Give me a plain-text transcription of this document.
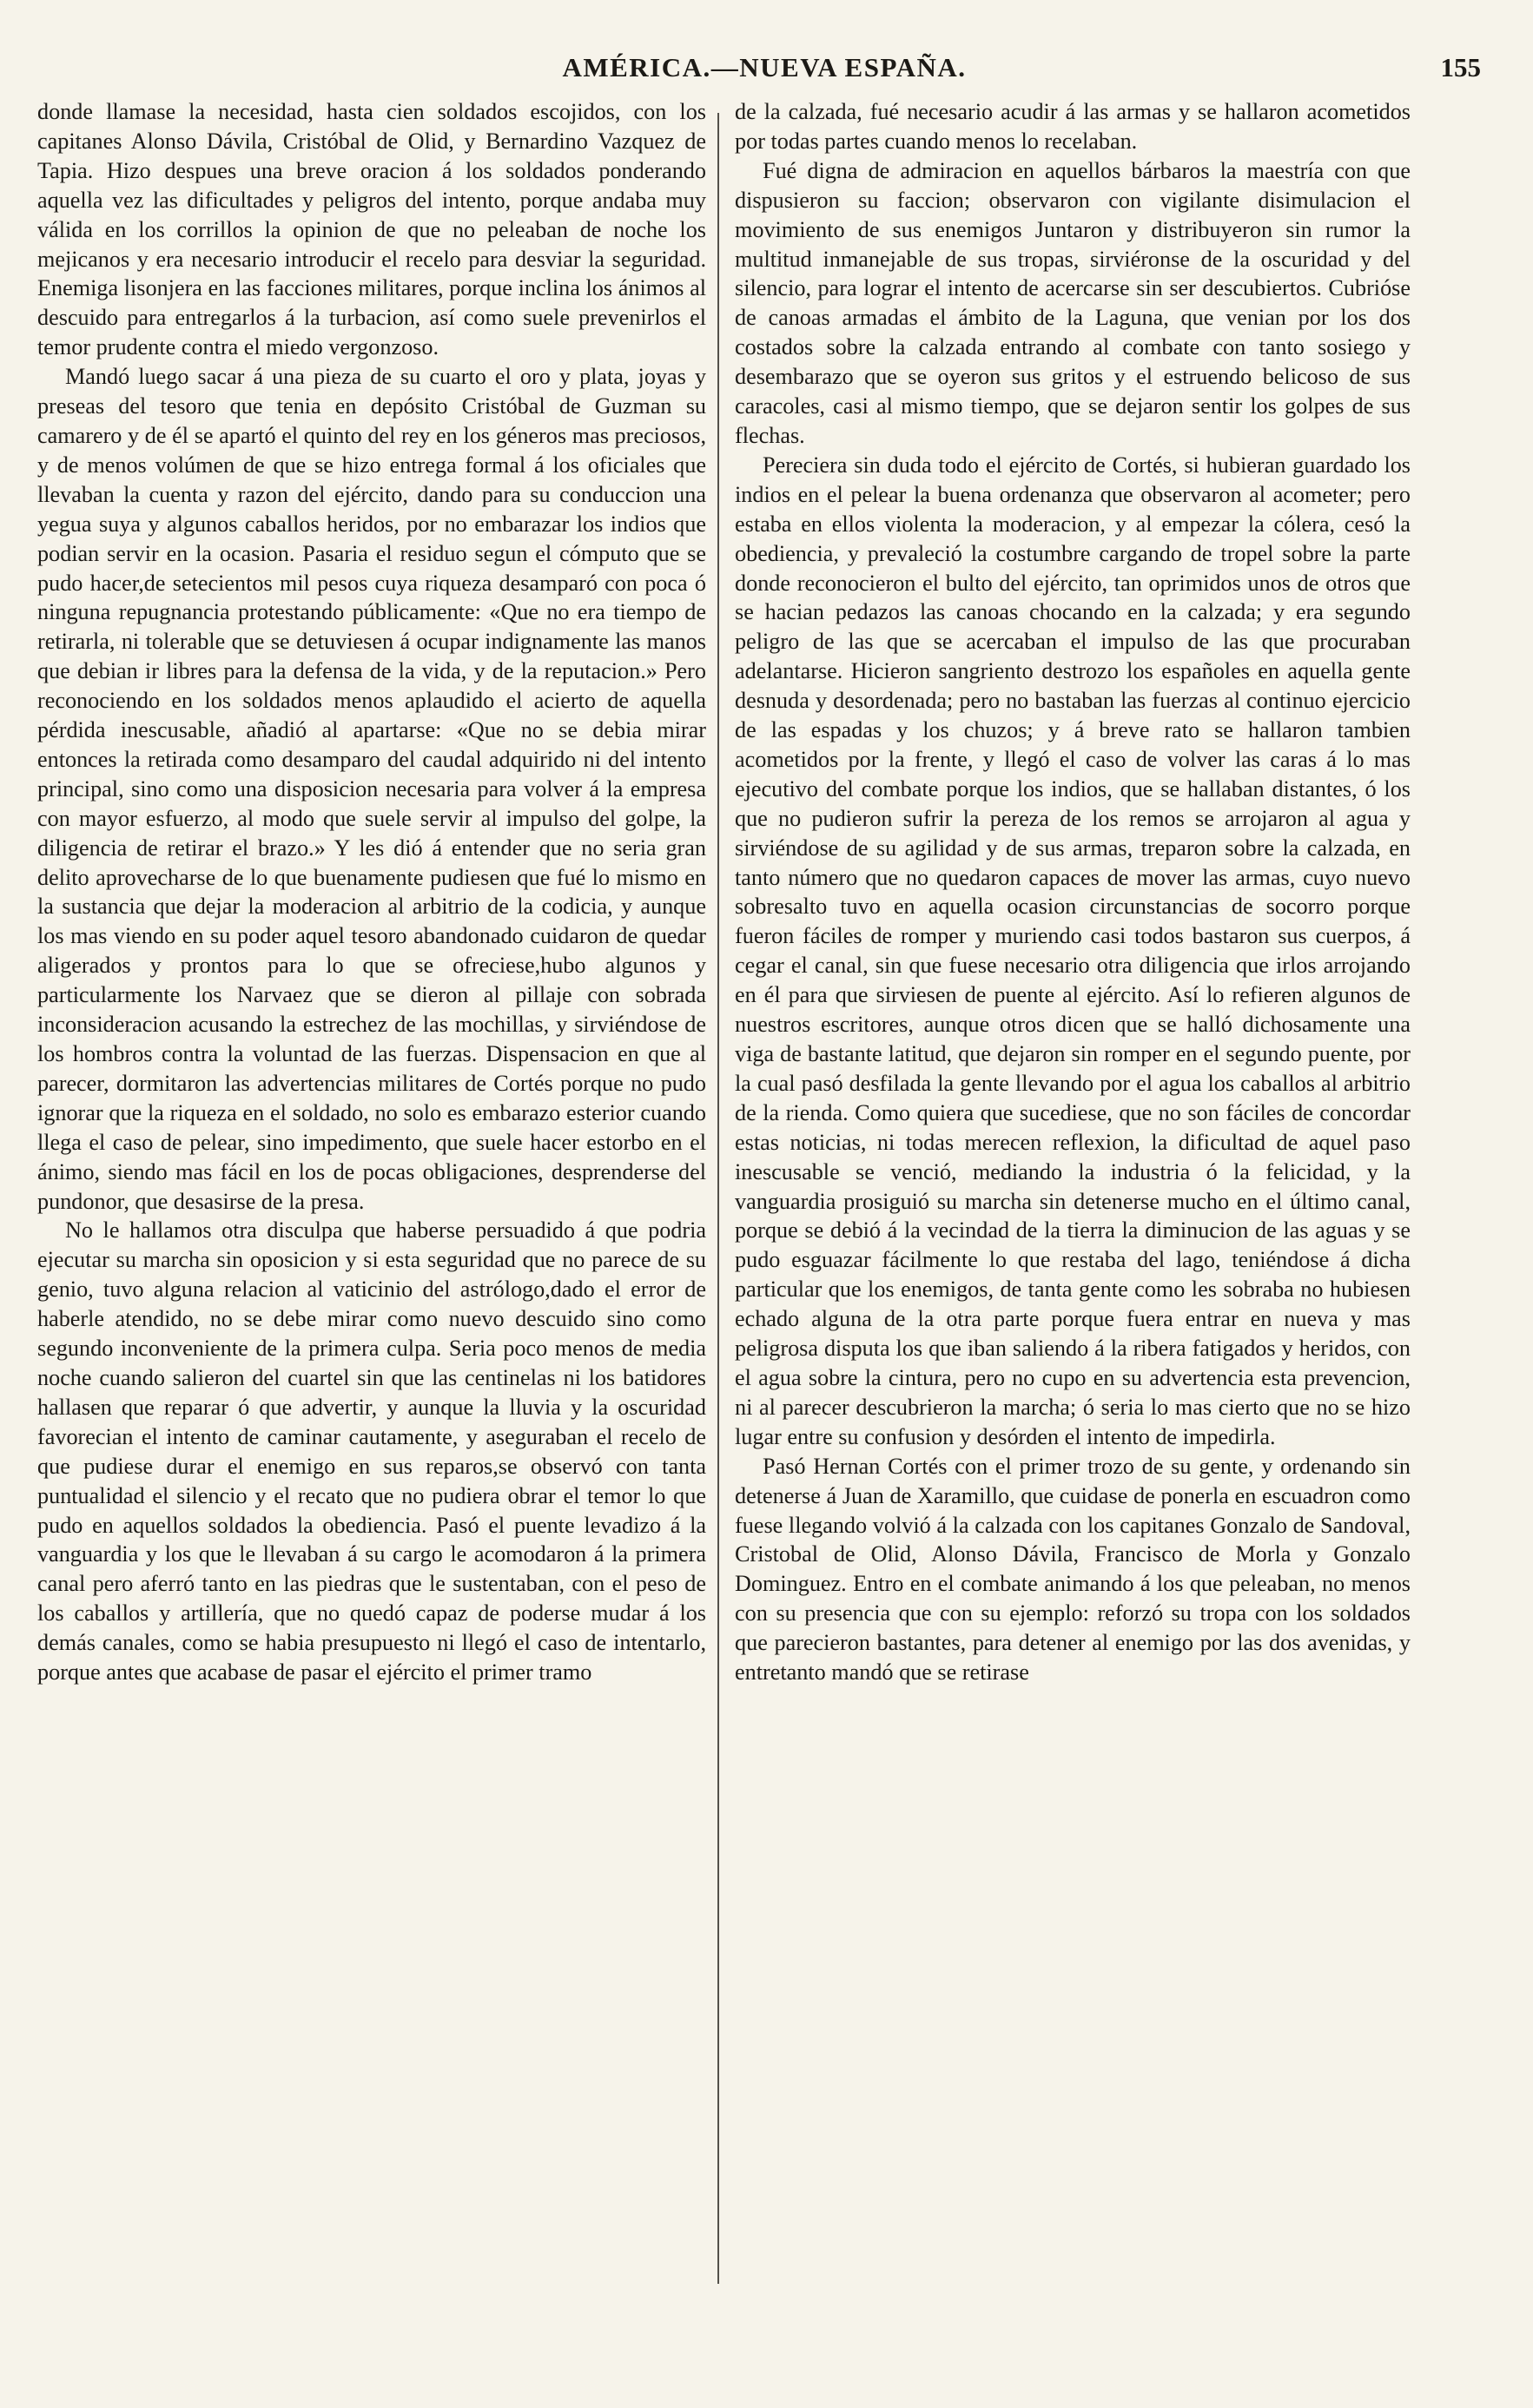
AMÉRICA.—NUEVA ESPAÑA.	155

donde llamase la necesidad, hasta cien soldados escojidos, con los capitanes Alonso Dávila, Cristóbal de Olid, y Bernardino Vazquez de Tapia. Hizo despues una breve oracion á los soldados ponderando aquella vez las dificultades y peligros del intento, porque andaba muy válida en los corrillos la opinion de que no peleaban de noche los mejicanos y era necesario introducir el recelo para desviar la seguridad. Enemiga lisonjera en las facciones militares, porque inclina los ánimos al descuido para entregarlos á la turbacion, así como suele prevenirlos el temor prudente contra el miedo vergonzoso.

Mandó luego sacar á una pieza de su cuarto el oro y plata, joyas y preseas del tesoro que tenia en depósito Cristóbal de Guzman su camarero y de él se apartó el quinto del rey en los géneros mas preciosos, y de menos volúmen de que se hizo entrega formal á los oficiales que llevaban la cuenta y razon del ejército, dando para su conduccion una yegua suya y algunos caballos heridos, por no embarazar los indios que podian servir en la ocasion. Pasaria el residuo segun el cómputo que se pudo hacer,de setecientos mil pesos cuya riqueza desamparó con poca ó ninguna repugnancia protestando públicamente: «Que no era tiempo de retirarla, ni tolerable que se detuviesen á ocupar indignamente las manos que debian ir libres para la defensa de la vida, y de la reputacion.» Pero reconociendo en los soldados menos aplaudido el acierto de aquella pérdida inescusable, añadió al apartarse: «Que no se debia mirar entonces la retirada como desamparo del caudal adquirido ni del intento principal, sino como una disposicion necesaria para volver á la empresa con mayor esfuerzo, al modo que suele servir al impulso del golpe, la diligencia de retirar el brazo.» Y les dió á entender que no seria gran delito aprovecharse de lo que buenamente pudiesen que fué lo mismo en la sustancia que dejar la moderacion al arbitrio de la codicia, y aunque los mas viendo en su poder aquel tesoro abandonado cuidaron de quedar aligerados y prontos para lo que se ofreciese,hubo algunos y particularmente los Narvaez que se dieron al pillaje con sobrada inconsideracion acusando la estrechez de las mochillas, y sirviéndose de los hombros contra la voluntad de las fuerzas. Dispensacion en que al parecer, dormitaron las advertencias militares de Cortés porque no pudo ignorar que la riqueza en el soldado, no solo es embarazo esterior cuando llega el caso de pelear, sino impedimento, que suele hacer estorbo en el ánimo, siendo mas fácil en los de pocas obligaciones, desprenderse del pundonor, que desasirse de la presa.

No le hallamos otra disculpa que haberse persuadido á que podria ejecutar su marcha sin oposicion y si esta seguridad que no parece de su genio, tuvo alguna relacion al vaticinio del astrólogo,dado el error de haberle atendido, no se debe mirar como nuevo descuido sino como segundo inconveniente de la primera culpa. Seria poco menos de media noche cuando salieron del cuartel sin que las centinelas ni los batidores hallasen que reparar ó que advertir, y aunque la lluvia y la oscuridad favorecian el intento de caminar cautamente, y aseguraban el recelo de que pudiese durar el enemigo en sus reparos,se observó con tanta puntualidad el silencio y el recato que no pudiera obrar el temor lo que pudo en aquellos soldados la obediencia. Pasó el puente levadizo á la vanguardia y los que le llevaban á su cargo le acomodaron á la primera canal pero aferró tanto en las piedras que le sustentaban, con el peso de los caballos y artillería, que no quedó capaz de poderse mudar á los demás canales, como se habia presupuesto ni llegó el caso de intentarlo, porque antes que acabase de pasar el ejército el primer tramo

de la calzada, fué necesario acudir á las armas y se hallaron acometidos por todas partes cuando menos lo recelaban.

Fué digna de admiracion en aquellos bárbaros la maestría con que dispusieron su faccion; observaron con vigilante disimulacion el movimiento de sus enemigos Juntaron y distribuyeron sin rumor la multitud inmanejable de sus tropas, sirviéronse de la oscuridad y del silencio, para lograr el intento de acercarse sin ser descubiertos. Cubrióse de canoas armadas el ámbito de la Laguna, que venian por los dos costados sobre la calzada entrando al combate con tanto sosiego y desembarazo que se oyeron sus gritos y el estruendo belicoso de sus caracoles, casi al mismo tiempo, que se dejaron sentir los golpes de sus flechas.

Pereciera sin duda todo el ejército de Cortés, si hubieran guardado los indios en el pelear la buena ordenanza que observaron al acometer; pero estaba en ellos violenta la moderacion, y al empezar la cólera, cesó la obediencia, y prevaleció la costumbre cargando de tropel sobre la parte donde reconocieron el bulto del ejército, tan oprimidos unos de otros que se hacian pedazos las canoas chocando en la calzada; y era segundo peligro de las que se acercaban el impulso de las que procuraban adelantarse. Hicieron sangriento destrozo los españoles en aquella gente desnuda y desordenada; pero no bastaban las fuerzas al continuo ejercicio de las espadas y los chuzos; y á breve rato se hallaron tambien acometidos por la frente, y llegó el caso de volver las caras á lo mas ejecutivo del combate porque los indios, que se hallaban distantes, ó los que no pudieron sufrir la pereza de los remos se arrojaron al agua y sirviéndose de su agilidad y de sus armas, treparon sobre la calzada, en tanto número que no quedaron capaces de mover las armas, cuyo nuevo sobresalto tuvo en aquella ocasion circunstancias de socorro porque fueron fáciles de romper y muriendo casi todos bastaron sus cuerpos, á cegar el canal, sin que fuese necesario otra diligencia que irlos arrojando en él para que sirviesen de puente al ejército. Así lo refieren algunos de nuestros escritores, aunque otros dicen que se halló dichosamente una viga de bastante latitud, que dejaron sin romper en el segundo puente, por la cual pasó desfilada la gente llevando por el agua los caballos al arbitrio de la rienda. Como quiera que sucediese, que no son fáciles de concordar estas noticias, ni todas merecen reflexion, la dificultad de aquel paso inescusable se venció, mediando la industria ó la felicidad, y la vanguardia prosiguió su marcha sin detenerse mucho en el último canal, porque se debió á la vecindad de la tierra la diminucion de las aguas y se pudo esguazar fácilmente lo que restaba del lago, teniéndose á dicha particular que los enemigos, de tanta gente como les sobraba no hubiesen echado alguna de la otra parte porque fuera entrar en nueva y mas peligrosa disputa los que iban saliendo á la ribera fatigados y heridos, con el agua sobre la cintura, pero no cupo en su advertencia esta prevencion, ni al parecer descubrieron la marcha; ó seria lo mas cierto que no se hizo lugar entre su confusion y desórden el intento de impedirla.

Pasó Hernan Cortés con el primer trozo de su gente, y ordenando sin detenerse á Juan de Xaramillo, que cuidase de ponerla en escuadron como fuese llegando volvió á la calzada con los capitanes Gonzalo de Sandoval, Cristobal de Olid, Alonso Dávila, Francisco de Morla y Gonzalo Dominguez. Entro en el combate animando á los que peleaban, no menos con su presencia que con su ejemplo: reforzó su tropa con los soldados que parecieron bastantes, para detener al enemigo por las dos avenidas, y entretanto mandó que se retirase
